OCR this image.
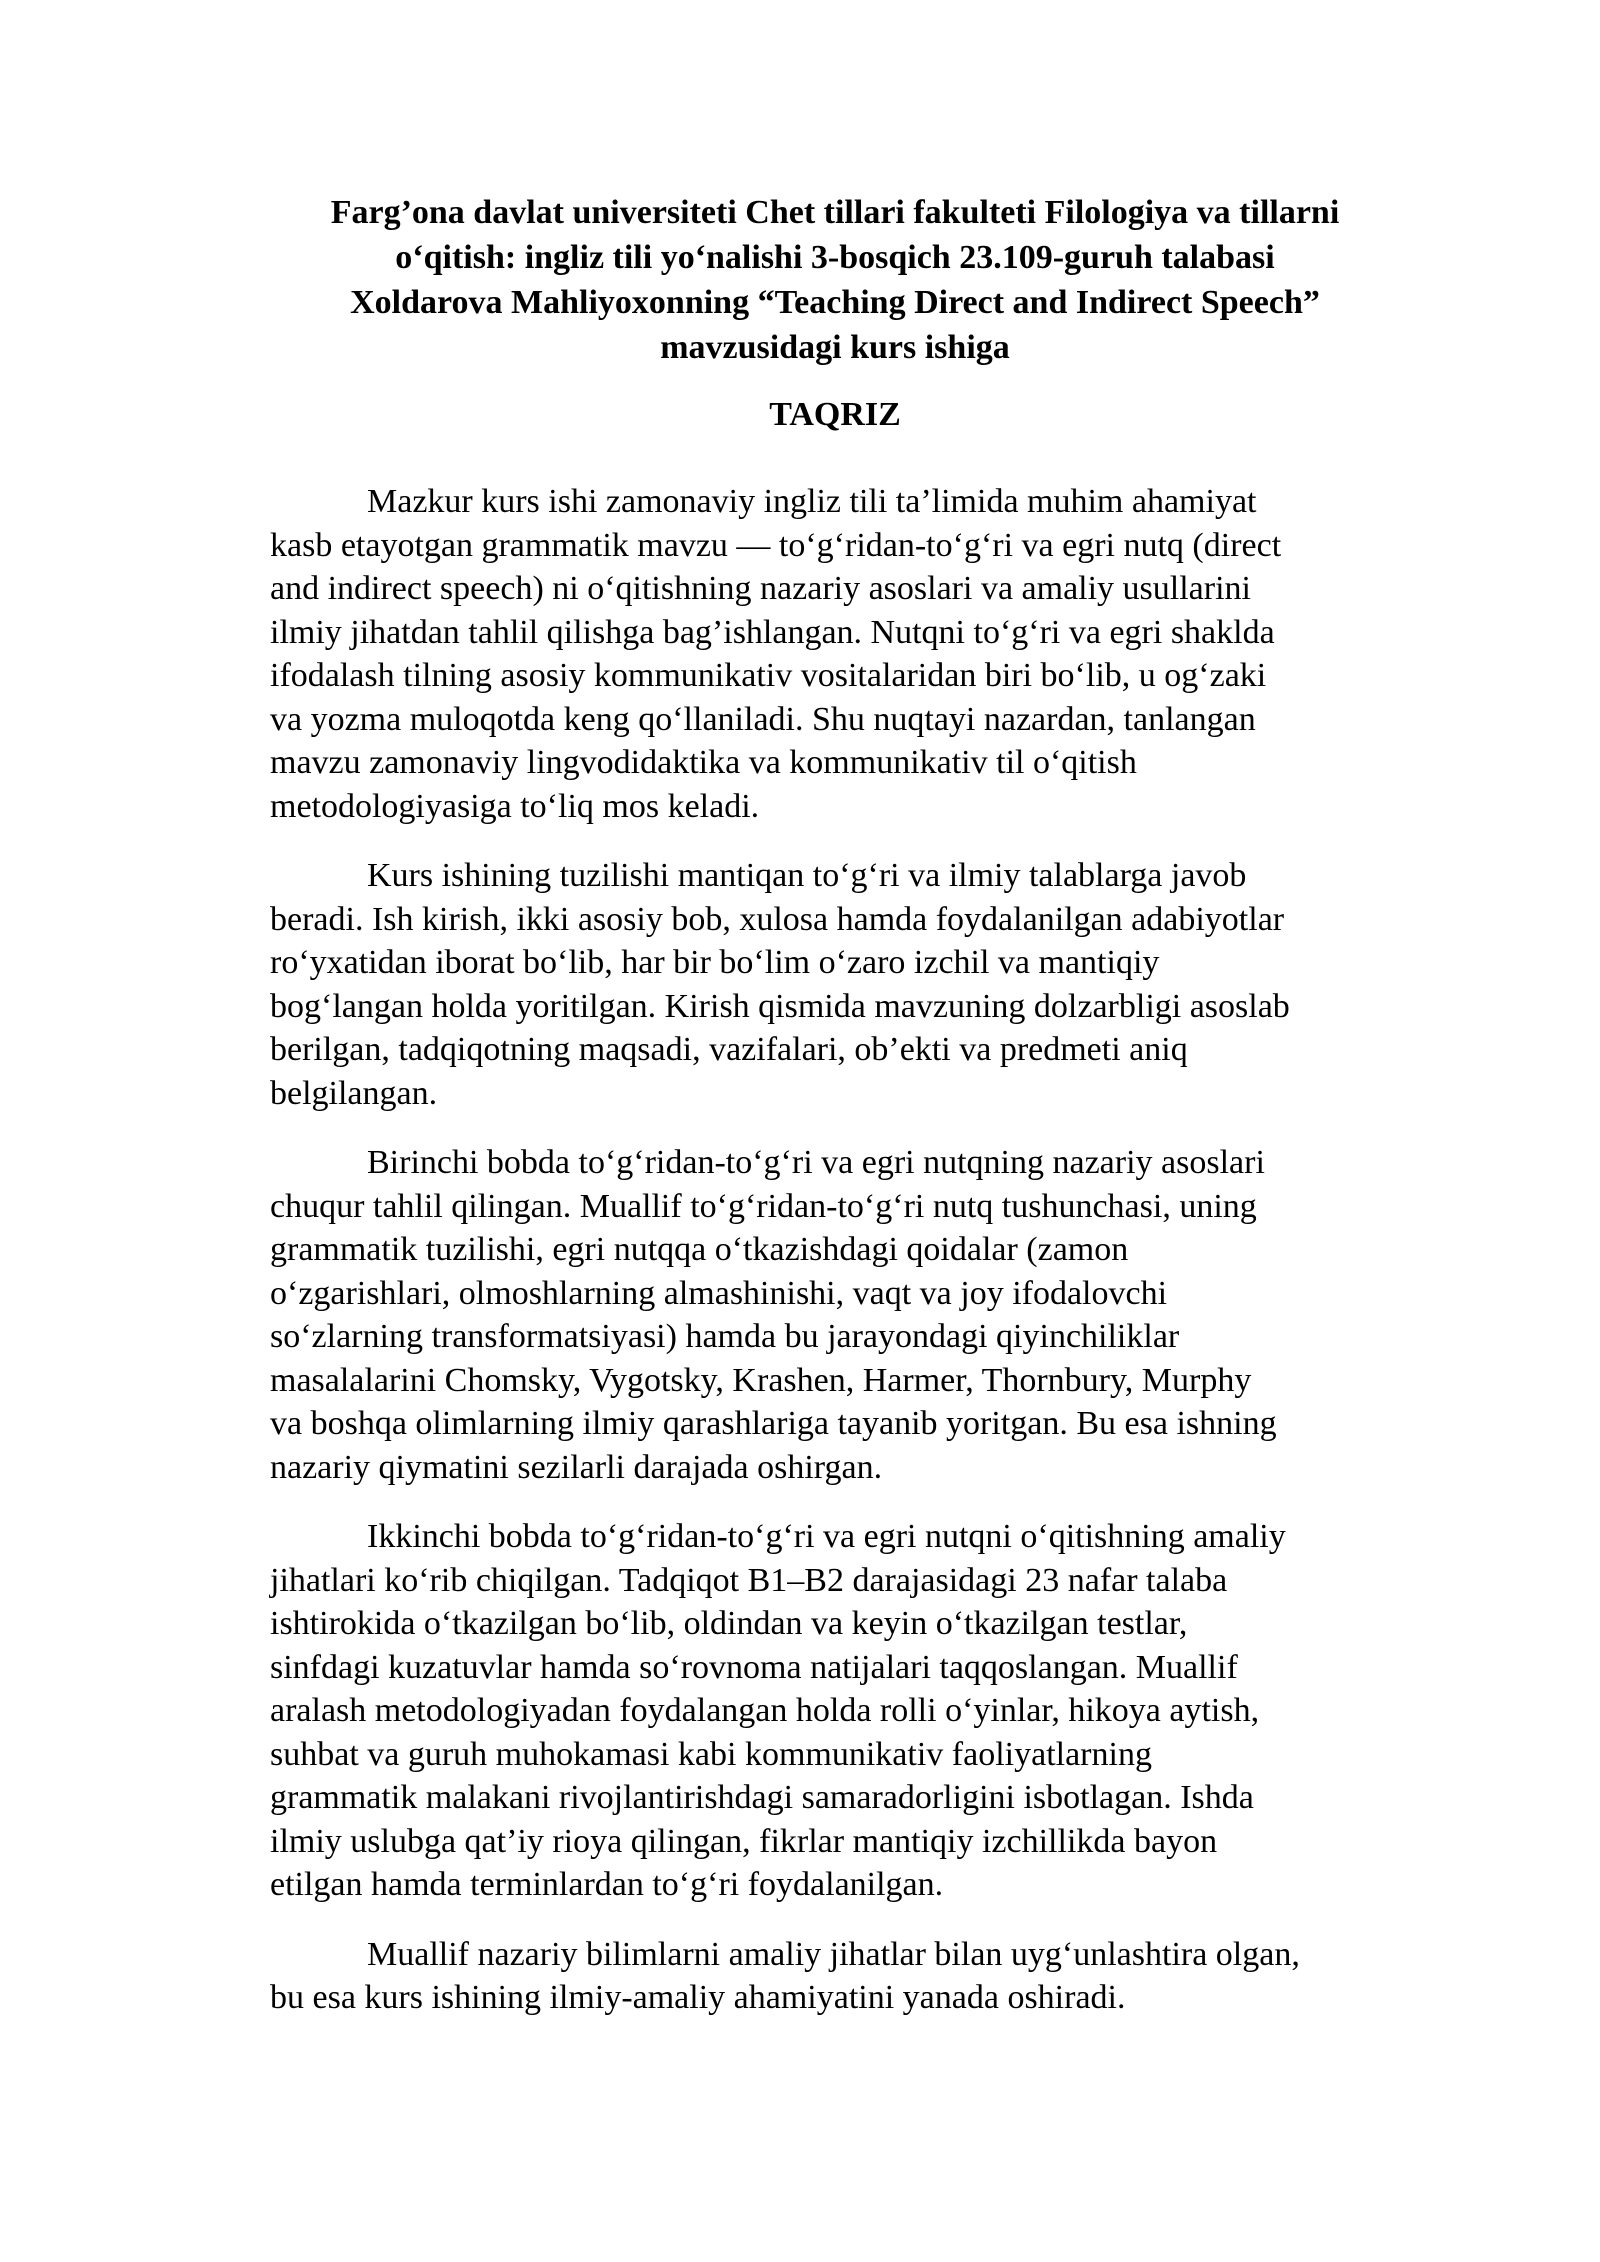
Farg’ona davlat universiteti Chet tillari fakulteti Filologiya va tillarni
o‘qitish: ingliz tili yo‘nalishi 3-bosqich 23.109-guruh talabasi
Xoldarova Mahliyoxonning “Teaching Direct and Indirect Speech”
mavzusidagi kurs ishiga
TAQRIZ
Mazkur kurs ishi zamonaviy ingliz tili ta’limida muhim ahamiyat
kasb etayotgan grammatik mavzu — to‘g‘ridan-to‘g‘ri va egri nutq (direct
and indirect speech) ni o‘qitishning nazariy asoslari va amaliy usullarini
ilmiy jihatdan tahlil qilishga bag’ishlangan. Nutqni to‘g‘ri va egri shaklda
ifodalash tilning asosiy kommunikativ vositalaridan biri bo‘lib, u og‘zaki
va yozma muloqotda keng qo‘llaniladi. Shu nuqtayi nazardan, tanlangan
mavzu zamonaviy lingvodidaktika va kommunikativ til o‘qitish
metodologiyasiga to‘liq mos keladi.
Kurs ishining tuzilishi mantiqan to‘g‘ri va ilmiy talablarga javob
beradi. Ish kirish, ikki asosiy bob, xulosa hamda foydalanilgan adabiyotlar
ro‘yxatidan iborat bo‘lib, har bir bo‘lim o‘zaro izchil va mantiqiy
bog‘langan holda yoritilgan. Kirish qismida mavzuning dolzarbligi asoslab
berilgan, tadqiqotning maqsadi, vazifalari, ob’ekti va predmeti aniq
belgilangan.
Birinchi bobda to‘g‘ridan-to‘g‘ri va egri nutqning nazariy asoslari
chuqur tahlil qilingan. Muallif to‘g‘ridan-to‘g‘ri nutq tushunchasi, uning
grammatik tuzilishi, egri nutqqa o‘tkazishdagi qoidalar (zamon
o‘zgarishlari, olmoshlarning almashinishi, vaqt va joy ifodalovchi
so‘zlarning transformatsiyasi) hamda bu jarayondagi qiyinchiliklar
masalalarini Chomsky, Vygotsky, Krashen, Harmer, Thornbury, Murphy
va boshqa olimlarning ilmiy qarashlariga tayanib yoritgan. Bu esa ishning
nazariy qiymatini sezilarli darajada oshirgan.
Ikkinchi bobda to‘g‘ridan-to‘g‘ri va egri nutqni o‘qitishning amaliy
jihatlari ko‘rib chiqilgan. Tadqiqot B1–B2 darajasidagi 23 nafar talaba
ishtirokida o‘tkazilgan bo‘lib, oldindan va keyin o‘tkazilgan testlar,
sinfdagi kuzatuvlar hamda so‘rovnoma natijalari taqqoslangan. Muallif
aralash metodologiyadan foydalangan holda rolli o‘yinlar, hikoya aytish,
suhbat va guruh muhokamasi kabi kommunikativ faoliyatlarning
grammatik malakani rivojlantirishdagi samaradorligini isbotlagan. Ishda
ilmiy uslubga qat’iy rioya qilingan, fikrlar mantiqiy izchillikda bayon
etilgan hamda terminlardan to‘g‘ri foydalanilgan.
Muallif nazariy bilimlarni amaliy jihatlar bilan uyg‘unlashtira olgan,
bu esa kurs ishining ilmiy-amaliy ahamiyatini yanada oshiradi.
